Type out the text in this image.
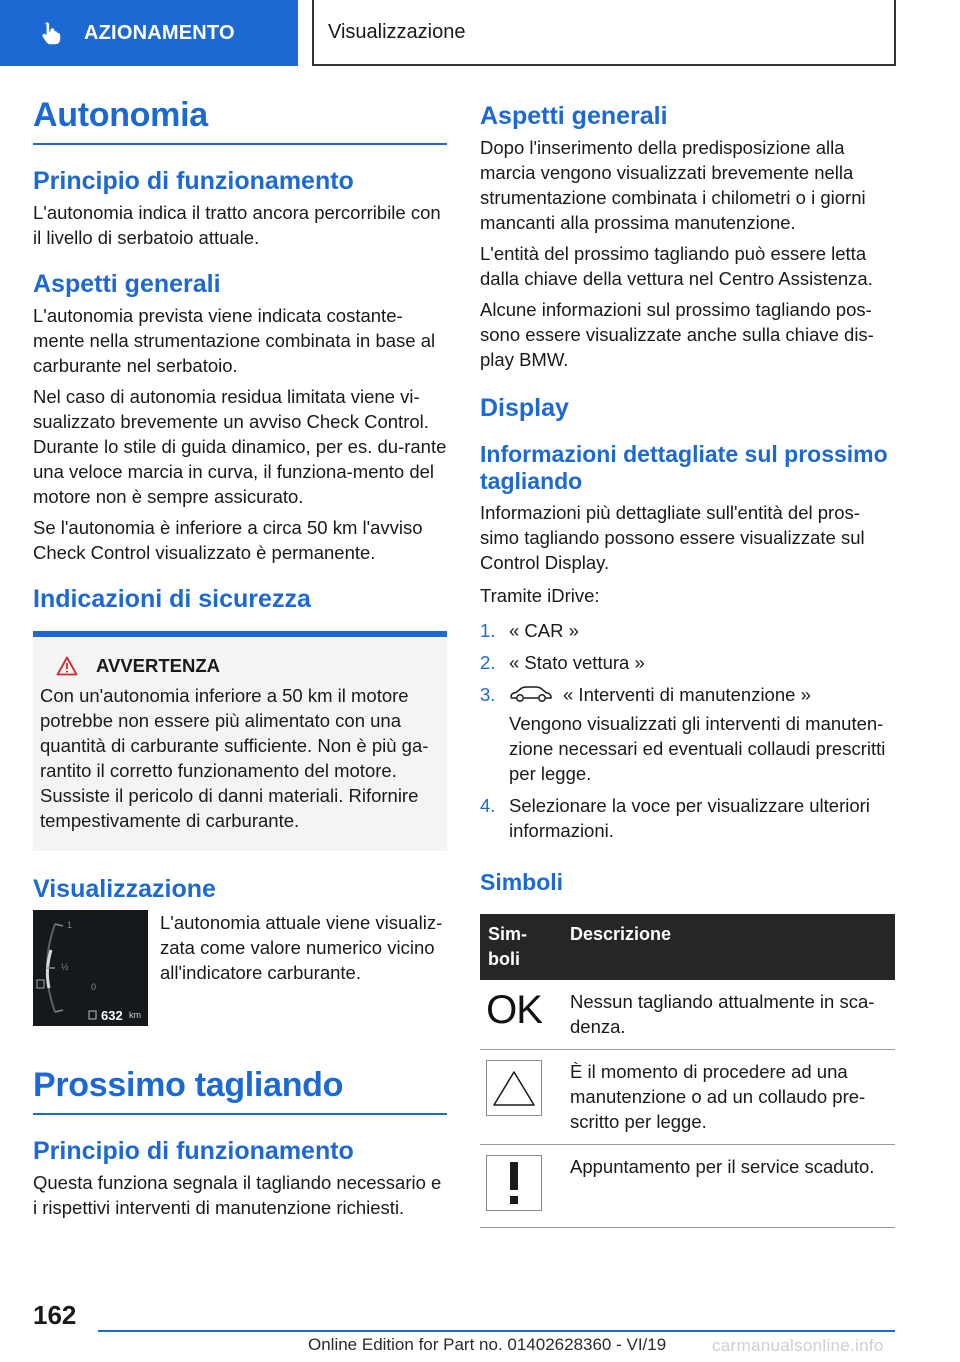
AZIONAMENTO	Visualizzazione
Autonomia
Principio di funzionamento

L'autonomia indica il tratto ancora percorribile con il livello di serbatoio attuale.

Aspetti generali

L'autonomia prevista viene indicata costante-mente nella strumentazione combinata in base al carburante nel serbatoio.

Nel caso di autonomia residua limitata viene vi-sualizzato brevemente un avviso Check Control. Durante lo stile di guida dinamico, per es. du-rante una veloce marcia in curva, il funziona-mento del motore non è sempre assicurato.

Se l'autonomia è inferiore a circa 50 km l'avviso Check Control visualizzato è permanente.

Indicazioni di sicurezza
AVVERTENZA

Con un'autonomia inferiore a 50 km il motore potrebbe non essere più alimentato con una quantità di carburante sufficiente. Non è più ga-rantito il corretto funzionamento del motore. Sussiste il pericolo di danni materiali. Rifornire tempestivamente di carburante.

Visualizzazione
1
½
0
632 km

L'autonomia attuale viene visualiz-zata come valore numerico vicino all'indicatore carburante.

Prossimo tagliando
Principio di funzionamento

Questa funziona segnala il tagliando necessario e i rispettivi interventi di manutenzione richiesti.

Aspetti generali

Dopo l'inserimento della predisposizione alla marcia vengono visualizzati brevemente nella strumentazione combinata i chilometri o i giorni mancanti alla prossima manutenzione.

L'entità del prossimo tagliando può essere letta dalla chiave della vettura nel Centro Assistenza.

Alcune informazioni sul prossimo tagliando pos-sono essere visualizzate anche sulla chiave dis-play BMW.

Display
Informazioni dettagliate sul prossimo tagliando

Informazioni più dettagliate sull'entità del pros-simo tagliando possono essere visualizzate sul Control Display.

Tramite iDrive:

1. « CAR »
2. « Stato vettura »
3.	« Interventi di manutenzione »

Vengono visualizzati gli interventi di manuten-zione necessari ed eventuali collaudi prescritti per legge.

4. Selezionare la voce per visualizzare ulteriori informazioni.
Simboli
Sim-boli	Descrizione

OK	Nessun tagliando attualmente in sca-denza.

	È il momento di procedere ad una manutenzione o ad un collaudo pre-scritto per legge.

	Appuntamento per il service scaduto.
162
Online Edition for Part no. 01402628360 - VI/19	carmanualsonline.info
